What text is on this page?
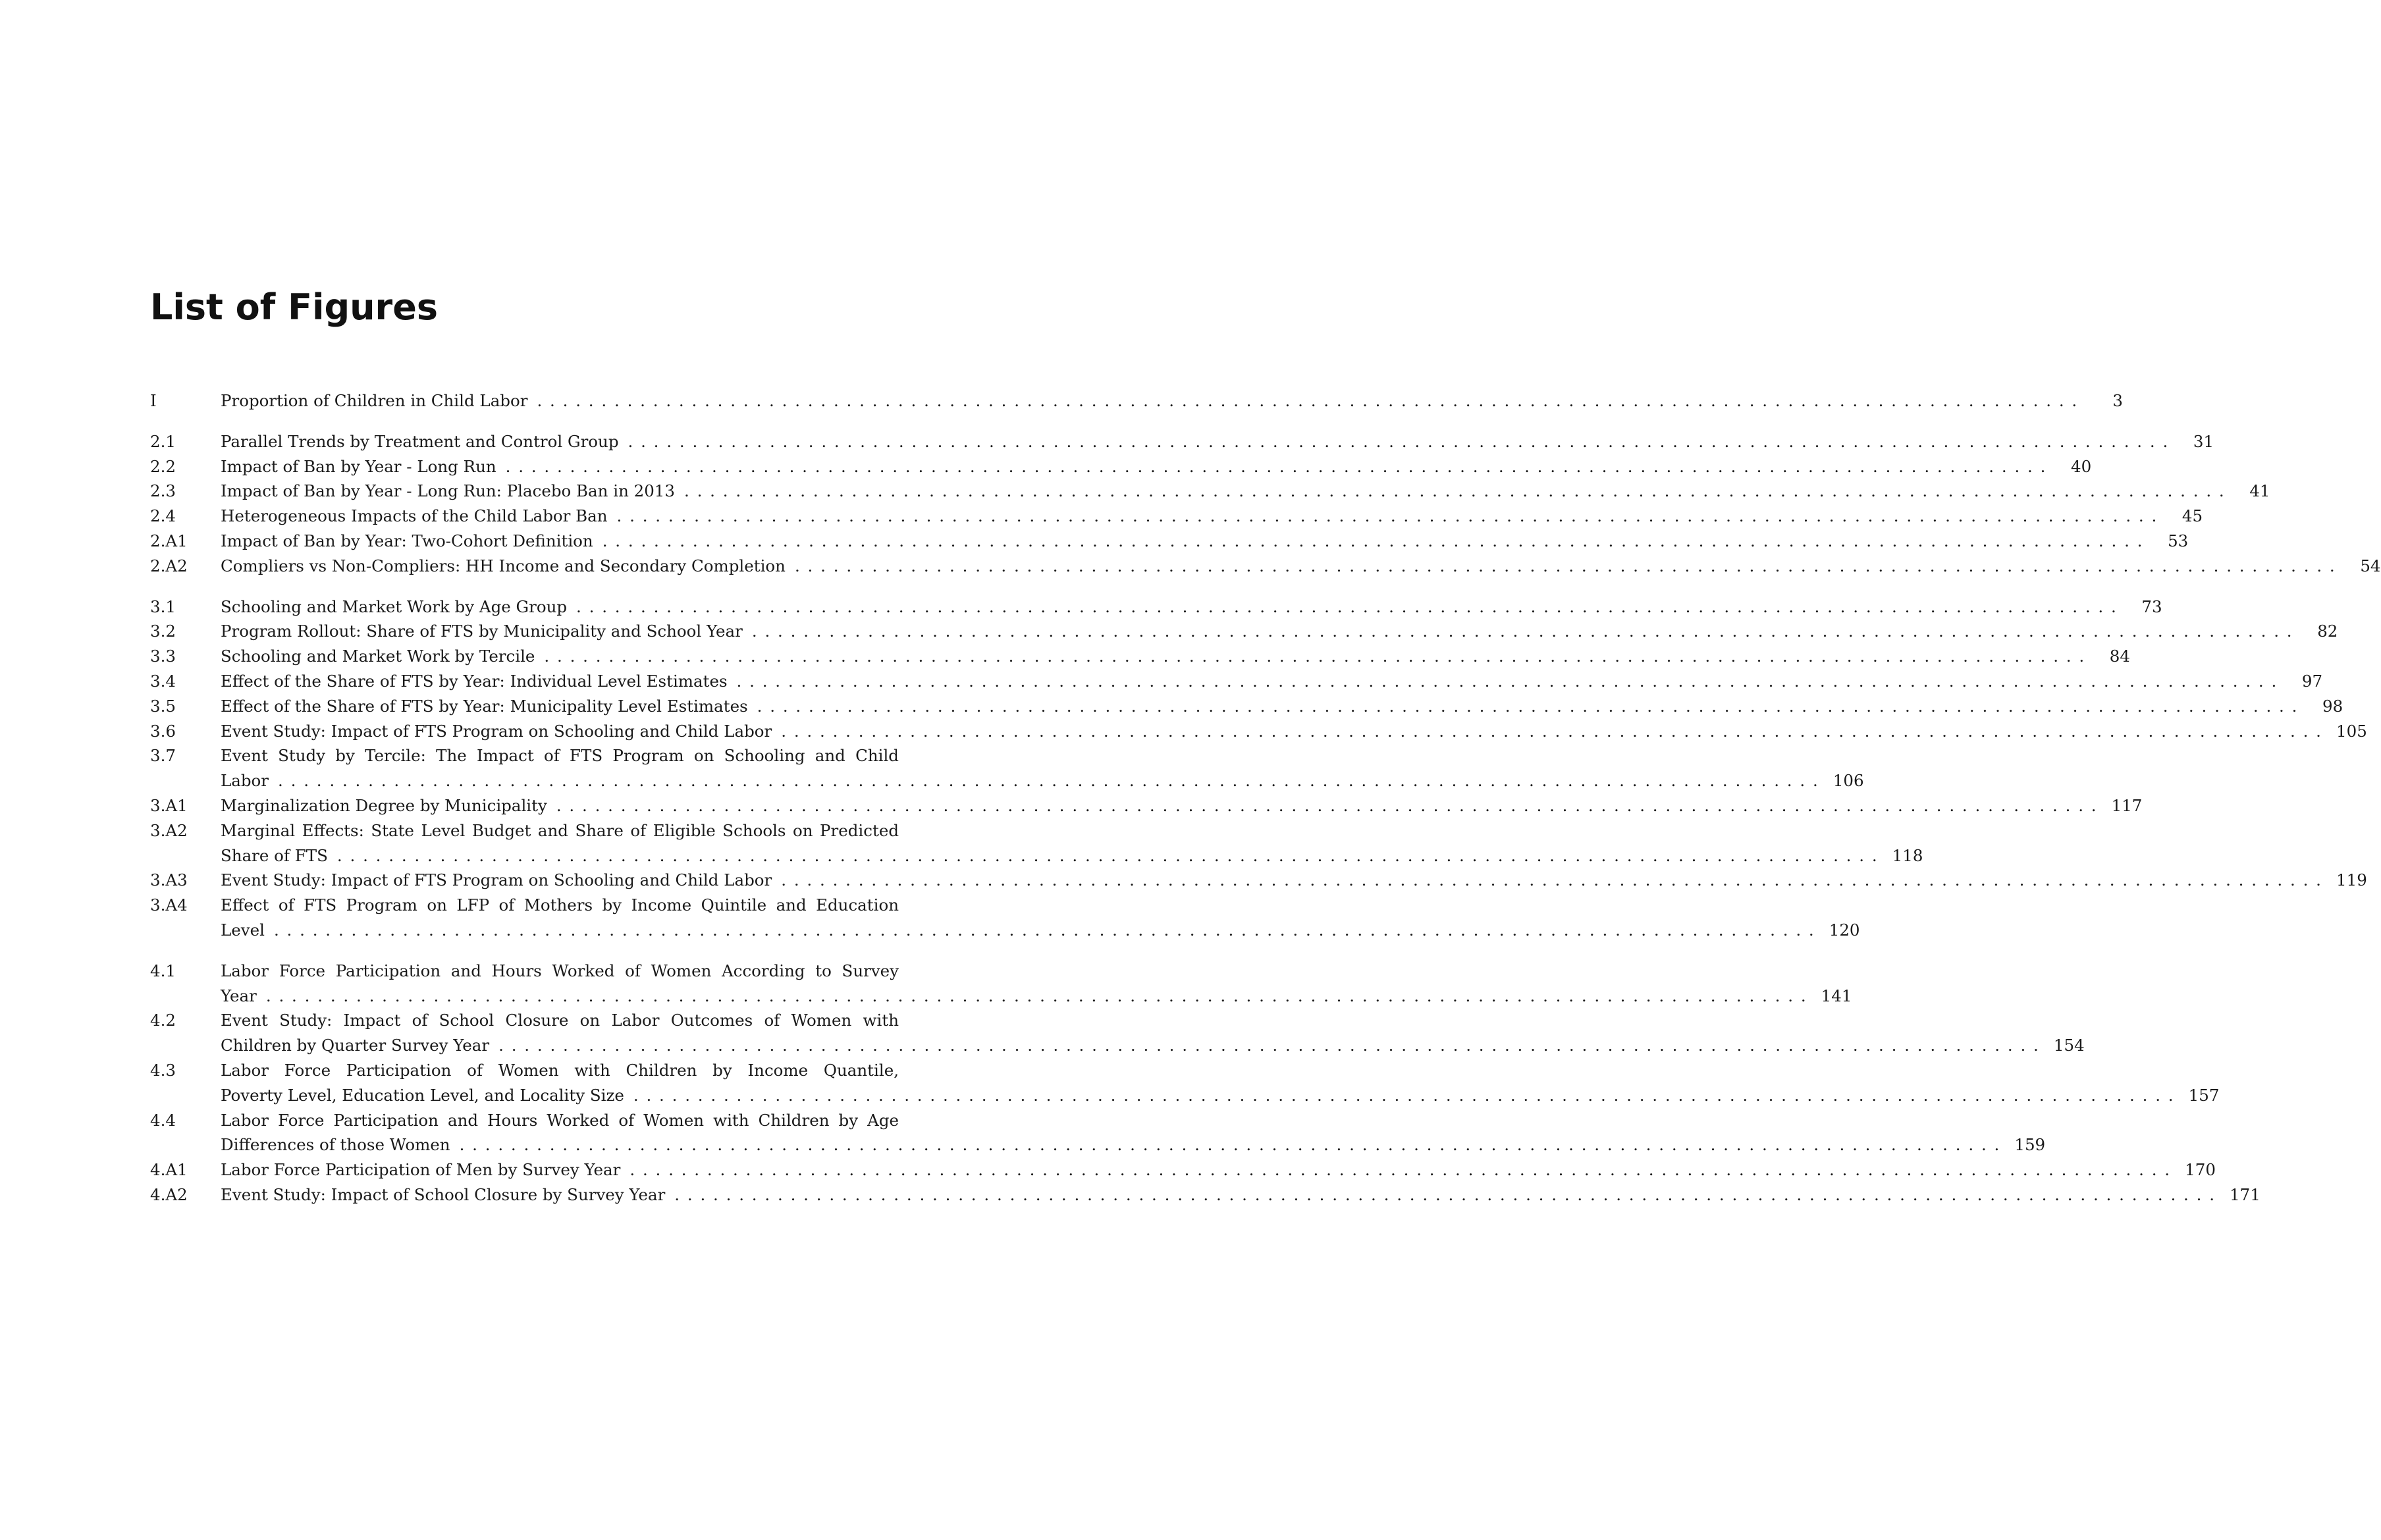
List of Figures
I	Proportion of Children in Child Labor .....	3
2.1	Parallel Trends by Treatment and Control Group .....	31
2.2	Impact of Ban by Year - Long Run .....	40
2.3	Impact of Ban by Year - Long Run: Placebo Ban in 2013 .....	41
2.4	Heterogeneous Impacts of the Child Labor Ban .....	45
2.A1	Impact of Ban by Year: Two-Cohort Definition .....	53
2.A2	Compliers vs Non-Compliers: HH Income and Secondary Completion .....	54
3.1	Schooling and Market Work by Age Group .....	73
3.2	Program Rollout: Share of FTS by Municipality and School Year .....	82
3.3	Schooling and Market Work by Tercile .....	84
3.4	Effect of the Share of FTS by Year: Individual Level Estimates .....	97
3.5	Effect of the Share of FTS by Year: Municipality Level Estimates .....	98
3.6	Event Study: Impact of FTS Program on Schooling and Child Labor .....	105
3.7	Event Study by Tercile: The Impact of FTS Program on Schooling and Child
Labor .....	106
3.A1	Marginalization Degree by Municipality .....	117
3.A2	Marginal Effects: State Level Budget and Share of Eligible Schools on Predicted
Share of FTS .....	118
3.A3	Event Study: Impact of FTS Program on Schooling and Child Labor .....	119
3.A4	Effect of FTS Program on LFP of Mothers by Income Quintile and Education
Level .....	120
4.1	Labor Force Participation and Hours Worked of Women According to Survey
Year .....	141
4.2	Event Study: Impact of School Closure on Labor Outcomes of Women with
Children by Quarter Survey Year .....	154
4.3	Labor Force Participation of Women with Children by Income Quantile,
Poverty Level, Education Level, and Locality Size .....	157
4.4	Labor Force Participation and Hours Worked of Women with Children by Age
Differences of those Women .....	159
4.A1	Labor Force Participation of Men by Survey Year .....	170
4.A2	Event Study: Impact of School Closure by Survey Year .....	171
